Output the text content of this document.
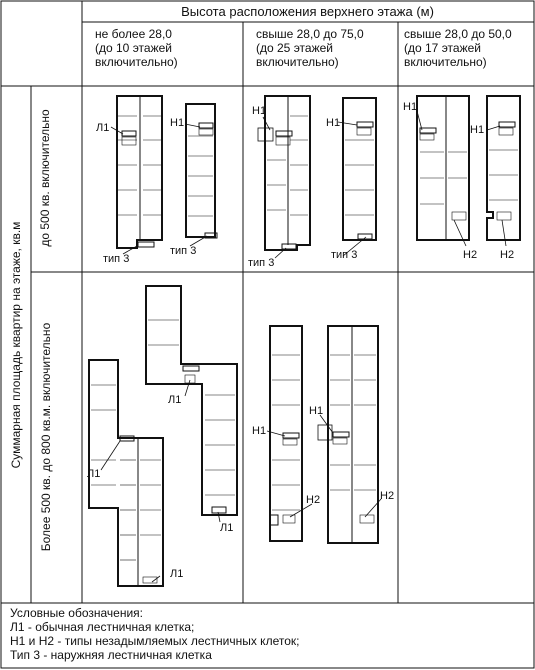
Л1	Н1
тип 3
тип 3
Н1
Н1
тип 3
тип 3
Н1
Н1
Н2 Н2
Л1
Л1
Л1
Л1
Н1
Н2
Н1
Н2
Высота расположения верхнего этажа (м)
не более 28,0
(до 10 этажей
включительно)
свыше 28,0 до 75,0
(до 25 этажей
включительно)
свыше 28,0 до 50,0
(до 17 этажей
включительно)
Суммарная площадь квартир на этаже, кв.м
до 500 кв. включительно
Более 500 кв. до 800 кв.м. включительно
Условные обозначения:
Л1 - обычная лестничная клетка;
Н1 и Н2 - типы незадымляемых лестничных клеток;
Тип 3 - наружняя лестничная клетка
